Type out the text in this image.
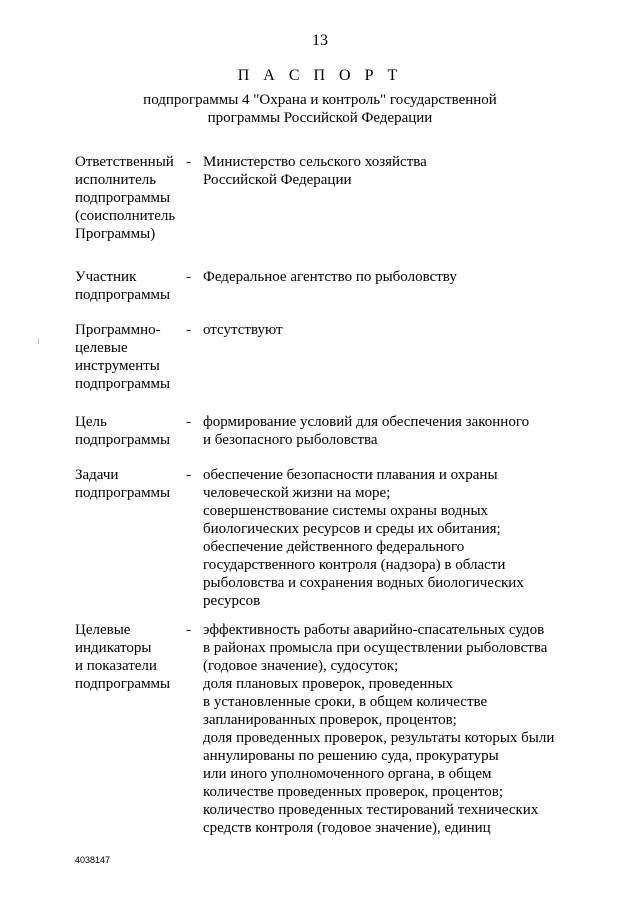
13
П А С П О Р Т
подпрограммы 4 "Охрана и контроль" государственной
программы Российской Федерации
Ответственный
исполнитель
подпрограммы
(соисполнитель
Программы)
- Министерство сельского хозяйства
Российской Федерации
Участник
подпрограммы
- Федеральное агентство по рыболовству
Программно-
целевые
инструменты
подпрограммы
- отсутствуют
Цель
подпрограммы
- формирование условий для обеспечения законного
и безопасного рыболовства
Задачи
подпрограммы
- обеспечение безопасности плавания и охраны
человеческой жизни на море;
совершенствование системы охраны водных
биологических ресурсов и среды их обитания;
обеспечение действенного федерального
государственного контроля (надзора) в области
рыболовства и сохранения водных биологических
ресурсов
Целевые
индикаторы
и показатели
подпрограммы
- эффективность работы аварийно-спасательных судов
в районах промысла при осуществлении рыболовства
(годовое значение), судосуток;
доля плановых проверок, проведенных
в установленные сроки, в общем количестве
запланированных проверок, процентов;
доля проведенных проверок, результаты которых были
аннулированы по решению суда, прокуратуры
или иного уполномоченного органа, в общем
количестве проведенных проверок, процентов;
количество проведенных тестирований технических
средств контроля (годовое значение), единиц
4038147
